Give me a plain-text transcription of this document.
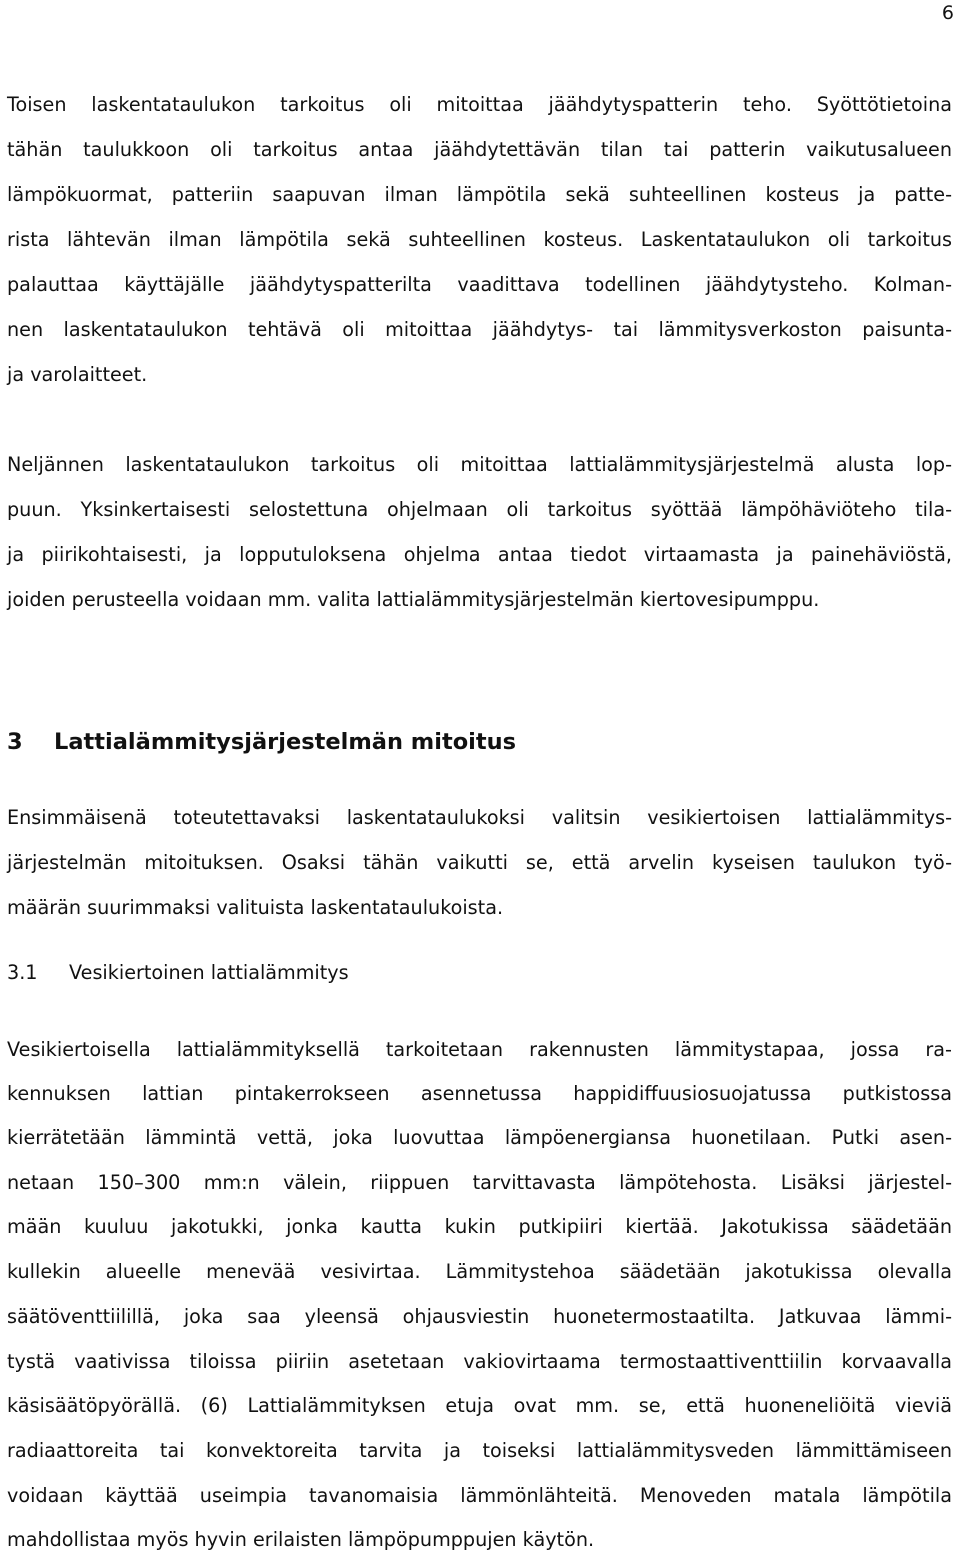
6

Toisen laskentataulukon tarkoitus oli mitoittaa jäähdytyspatterin teho. Syöttötietoina

tähän taulukkoon oli tarkoitus antaa jäähdytettävän tilan tai patterin vaikutusalueen

lämpökuormat, patteriin saapuvan ilman lämpötila sekä suhteellinen kosteus ja patte-

rista lähtevän ilman lämpötila sekä suhteellinen kosteus. Laskentataulukon oli tarkoitus

palauttaa käyttäjälle jäähdytyspatterilta vaadittava todellinen jäähdytysteho. Kolman-

nen laskentataulukon tehtävä oli mitoittaa jäähdytys- tai lämmitysverkoston paisunta-

ja varolaitteet.

Neljännen laskentataulukon tarkoitus oli mitoittaa lattialämmitysjärjestelmä alusta lop-

puun. Yksinkertaisesti selostettuna ohjelmaan oli tarkoitus syöttää lämpöhäviöteho tila-

ja piirikohtaisesti, ja lopputuloksena ohjelma antaa tiedot virtaamasta ja painehäviöstä,

joiden perusteella voidaan mm. valita lattialämmitysjärjestelmän kiertovesipumppu.

3 Lattialämmitysjärjestelmän mitoitus

Ensimmäisenä toteutettavaksi laskentataulukoksi valitsin vesikiertoisen lattialämmitys-

järjestelmän mitoituksen. Osaksi tähän vaikutti se, että arvelin kyseisen taulukon työ-

määrän suurimmaksi valituista laskentataulukoista.

3.1 Vesikiertoinen lattialämmitys

Vesikiertoisella lattialämmityksellä tarkoitetaan rakennusten lämmitystapaa, jossa ra-

kennuksen lattian pintakerrokseen asennetussa happidiffuusiosuojatussa putkistossa

kierrätetään lämmintä vettä, joka luovuttaa lämpöenergiansa huonetilaan. Putki asen-

netaan 150–300 mm:n välein, riippuen tarvittavasta lämpötehosta. Lisäksi järjestel-

mään kuuluu jakotukki, jonka kautta kukin putkipiiri kiertää. Jakotukissa säädetään

kullekin alueelle menevää vesivirtaa. Lämmitystehoa säädetään jakotukissa olevalla

säätöventtiilillä, joka saa yleensä ohjausviestin huonetermostaatilta. Jatkuvaa lämmi-

tystä vaativissa tiloissa piiriin asetetaan vakiovirtaama termostaattiventtiilin korvaavalla

käsisäätöpyörällä. (6) Lattialämmityksen etuja ovat mm. se, että huoneneliöitä vieviä

radiaattoreita tai konvektoreita tarvita ja toiseksi lattialämmitysveden lämmittämiseen

voidaan käyttää useimpia tavanomaisia lämmönlähteitä. Menoveden matala lämpötila

mahdollistaa myös hyvin erilaisten lämpöpumppujen käytön.
